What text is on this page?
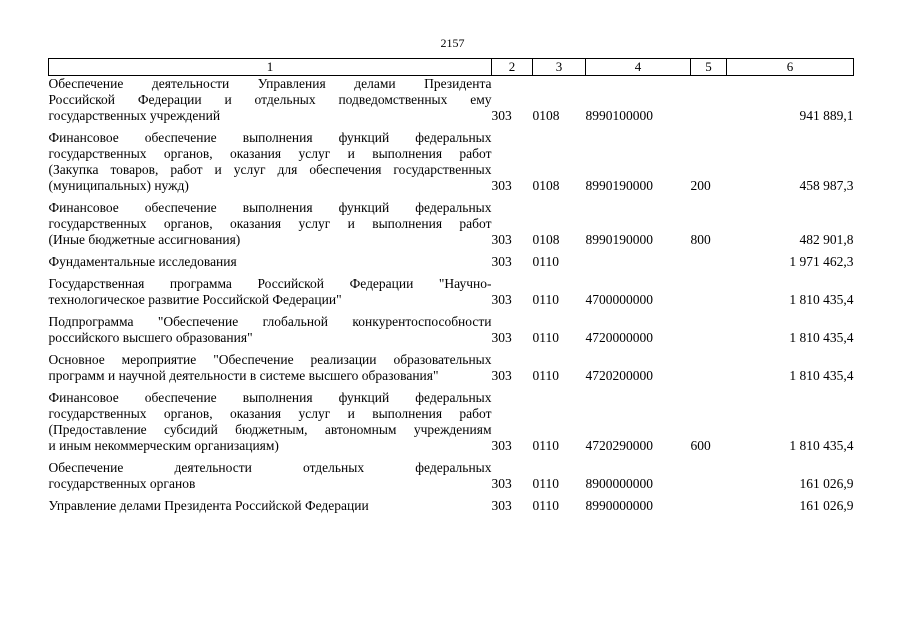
2157
1	2	3	4	5	6

Обеспечение деятельности Управления делами Президента
Российской Федерации и отдельных подведомственных ему
государственных учреждений	303	0108	8990100000		941 889,1

Финансовое обеспечение выполнения функций федеральных
государственных органов, оказания услуг и выполнения работ
(Закупка товаров, работ и услуг для обеспечения государственных
(муниципальных) нужд)	303	0108	8990190000	200	458 987,3

Финансовое обеспечение выполнения функций федеральных
государственных органов, оказания услуг и выполнения работ
(Иные бюджетные ассигнования)	303	0108	8990190000	800	482 901,8

Фундаментальные исследования	303	0110			1 971 462,3

Государственная программа Российской Федерации "Научно-
технологическое развитие Российской Федерации"	303	0110	4700000000		1 810 435,4

Подпрограмма "Обеспечение глобальной конкурентоспособности
российского высшего образования"	303	0110	4720000000		1 810 435,4

Основное мероприятие "Обеспечение реализации образовательных
программ и научной деятельности в системе высшего образования"	303	0110	4720200000		1 810 435,4

Финансовое обеспечение выполнения функций федеральных
государственных органов, оказания услуг и выполнения работ
(Предоставление субсидий бюджетным, автономным учреждениям
и иным некоммерческим организациям)	303	0110	4720290000	600	1 810 435,4

Обеспечение деятельности отдельных федеральных
государственных органов	303	0110	8900000000		161 026,9

Управление делами Президента Российской Федерации	303	0110	8990000000		161 026,9
